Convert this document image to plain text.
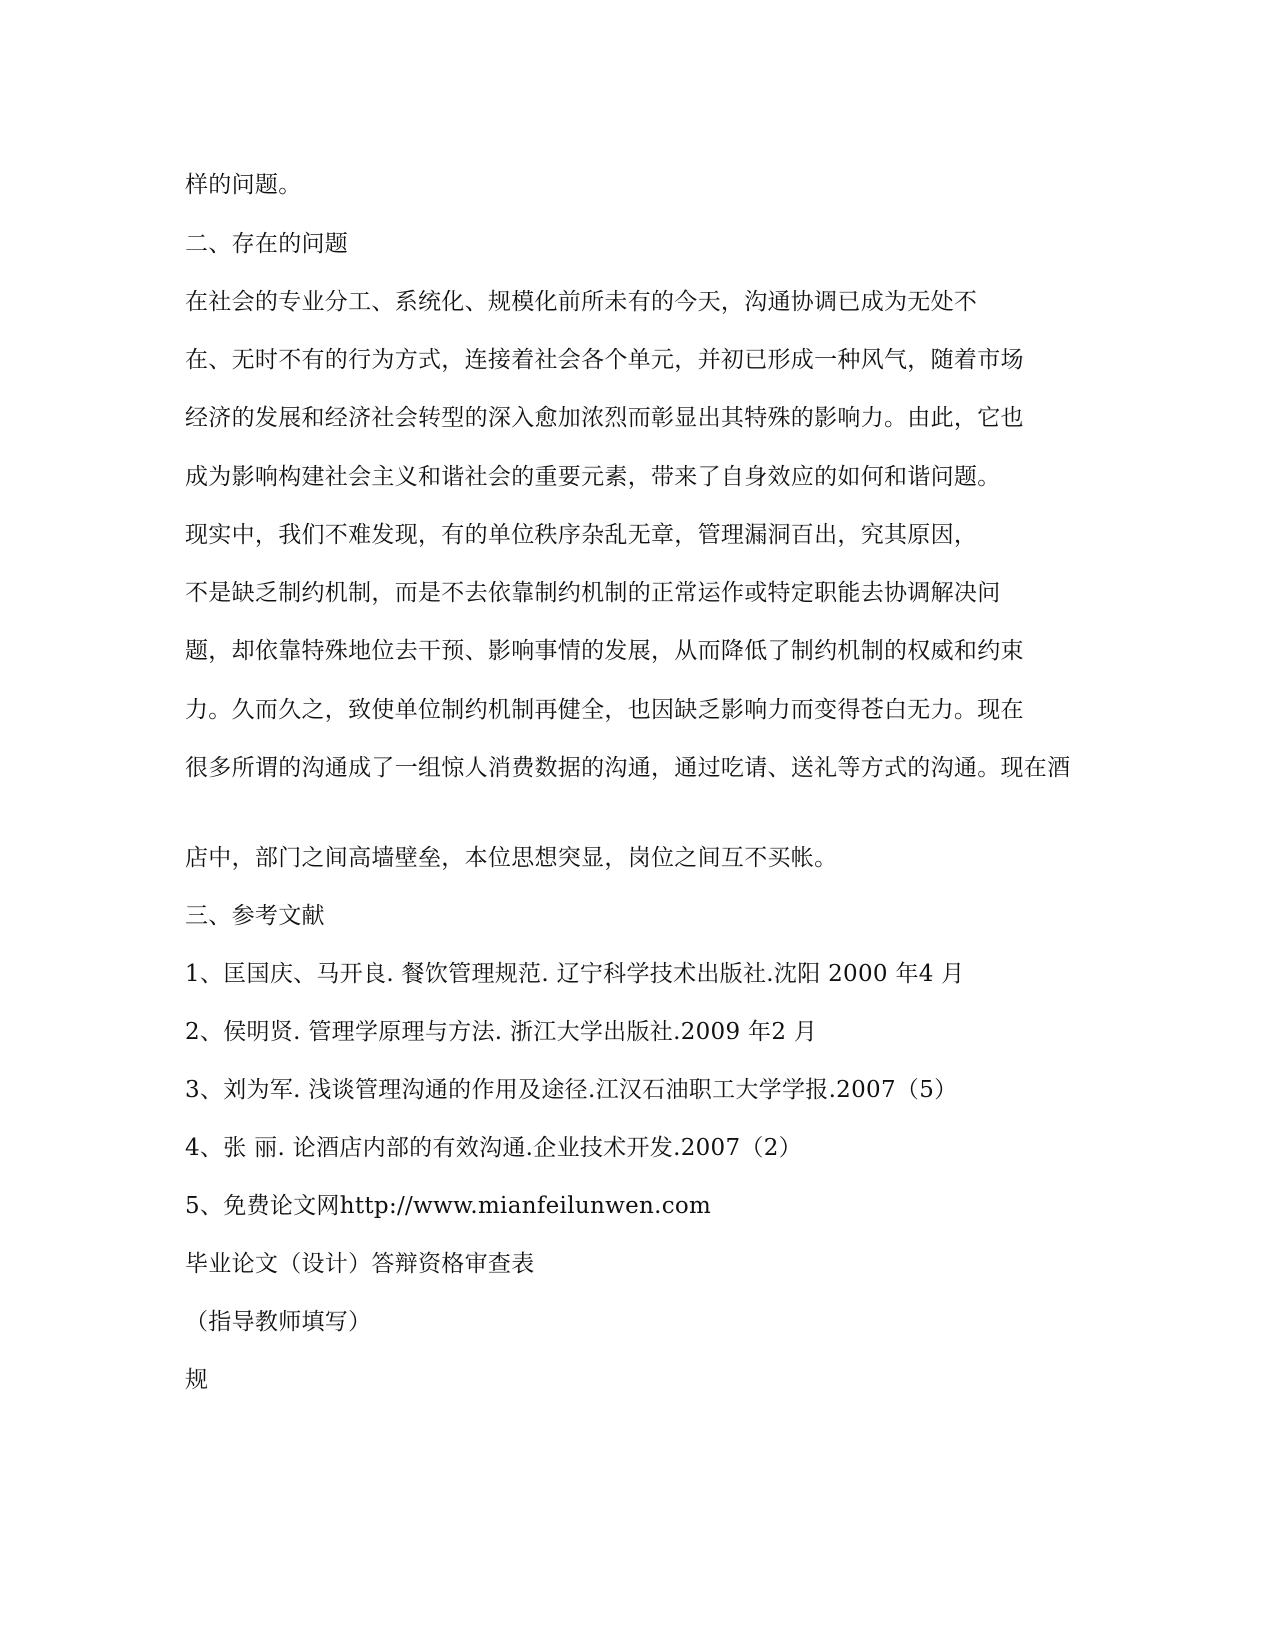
样的问题。
二、存在的问题
在社会的专业分工、系统化、规模化前所未有的今天，沟通协调已成为无处不
在、无时不有的行为方式，连接着社会各个单元，并初已形成一种风气，随着市场
经济的发展和经济社会转型的深入愈加浓烈而彰显出其特殊的影响力。由此，它也
成为影响构建社会主义和谐社会的重要元素，带来了自身效应的如何和谐问题。
现实中，我们不难发现，有的单位秩序杂乱无章，管理漏洞百出，究其原因，
不是缺乏制约机制，而是不去依靠制约机制的正常运作或特定职能去协调解决问
题，却依靠特殊地位去干预、影响事情的发展，从而降低了制约机制的权威和约束
力。久而久之，致使单位制约机制再健全，也因缺乏影响力而变得苍白无力。现在
很多所谓的沟通成了一组惊人消费数据的沟通，通过吃请、送礼等方式的沟通。现在酒
店中，部门之间高墙壁垒，本位思想突显，岗位之间互不买帐。
三、参考文献
1、匡国庆、马开良. 餐饮管理规范. 辽宁科学技术出版社.沈阳 2000 年4 月
2、侯明贤. 管理学原理与方法. 浙江大学出版社.2009 年2 月
3、刘为军. 浅谈管理沟通的作用及途径.江汉石油职工大学学报.2007（5）
4、张 丽. 论酒店内部的有效沟通.企业技术开发.2007（2）
5、免费论文网http://www.mianfeilunwen.com
毕业论文（设计）答辩资格审查表
（指导教师填写）
规
